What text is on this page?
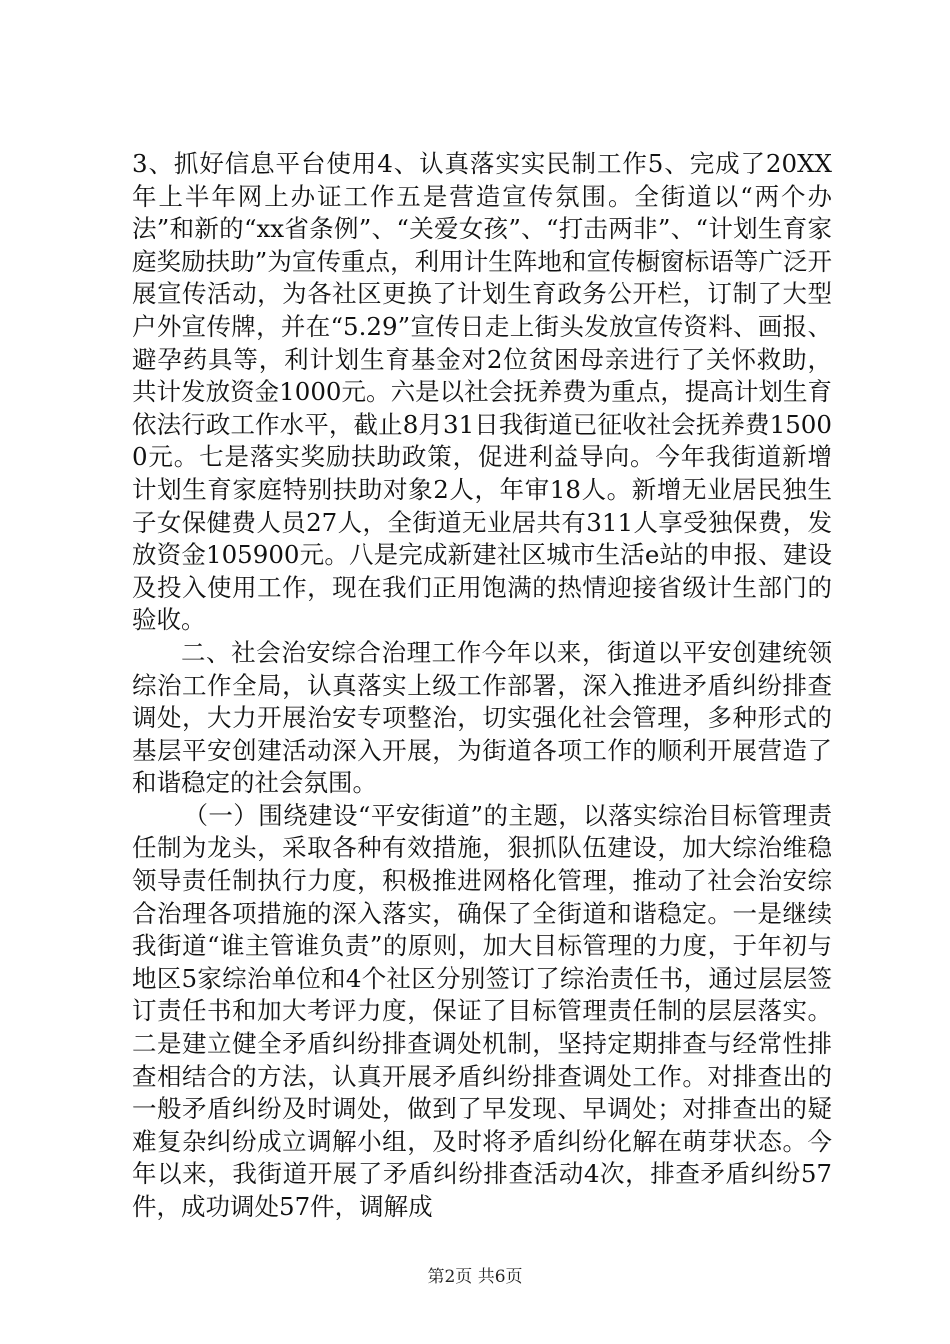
3、抓好信息平台使用4、认真落实实民制工作5、完成了20XX年上半年网上办证工作五是营造宣传氛围。全街道以“两个办法”和新的“xx省条例”、“关爱女孩”、“打击两非”、“计划生育家庭奖励扶助”为宣传重点，利用计生阵地和宣传橱窗标语等广泛开展宣传活动，为各社区更换了计划生育政务公开栏，订制了大型户外宣传牌，并在“5.29”宣传日走上街头发放宣传资料、画报、避孕药具等，利计划生育基金对2位贫困母亲进行了关怀救助，共计发放资金1000元。六是以社会抚养费为重点，提高计划生育依法行政工作水平，截止8月31日我街道已征收社会抚养费15000元。七是落实奖励扶助政策，促进利益导向。今年我街道新增计划生育家庭特别扶助对象2人，年审18人。新增无业居民独生子女保健费人员27人，全街道无业居共有311人享受独保费，发放资金105900元。八是完成新建社区城市生活e站的申报、建设及投入使用工作，现在我们正用饱满的热情迎接省级计生部门的验收。

二、社会治安综合治理工作今年以来，街道以平安创建统领综治工作全局，认真落实上级工作部署，深入推进矛盾纠纷排查调处，大力开展治安专项整治，切实强化社会管理，多种形式的基层平安创建活动深入开展，为街道各项工作的顺利开展营造了和谐稳定的社会氛围。

（一）围绕建设“平安街道”的主题，以落实综治目标管理责任制为龙头，采取各种有效措施，狠抓队伍建设，加大综治维稳领导责任制执行力度，积极推进网格化管理，推动了社会治安综合治理各项措施的深入落实，确保了全街道和谐稳定。一是继续我街道“谁主管谁负责”的原则，加大目标管理的力度，于年初与地区5家综治单位和4个社区分别签订了综治责任书，通过层层签订责任书和加大考评力度，保证了目标管理责任制的层层落实。二是建立健全矛盾纠纷排查调处机制，坚持定期排查与经常性排查相结合的方法，认真开展矛盾纠纷排查调处工作。对排查出的一般矛盾纠纷及时调处，做到了早发现、早调处；对排查出的疑难复杂纠纷成立调解小组，及时将矛盾纠纷化解在萌芽状态。今年以来，我街道开展了矛盾纠纷排查活动4次，排查矛盾纠纷57件，成功调处57件，调解成

第2页 共6页
